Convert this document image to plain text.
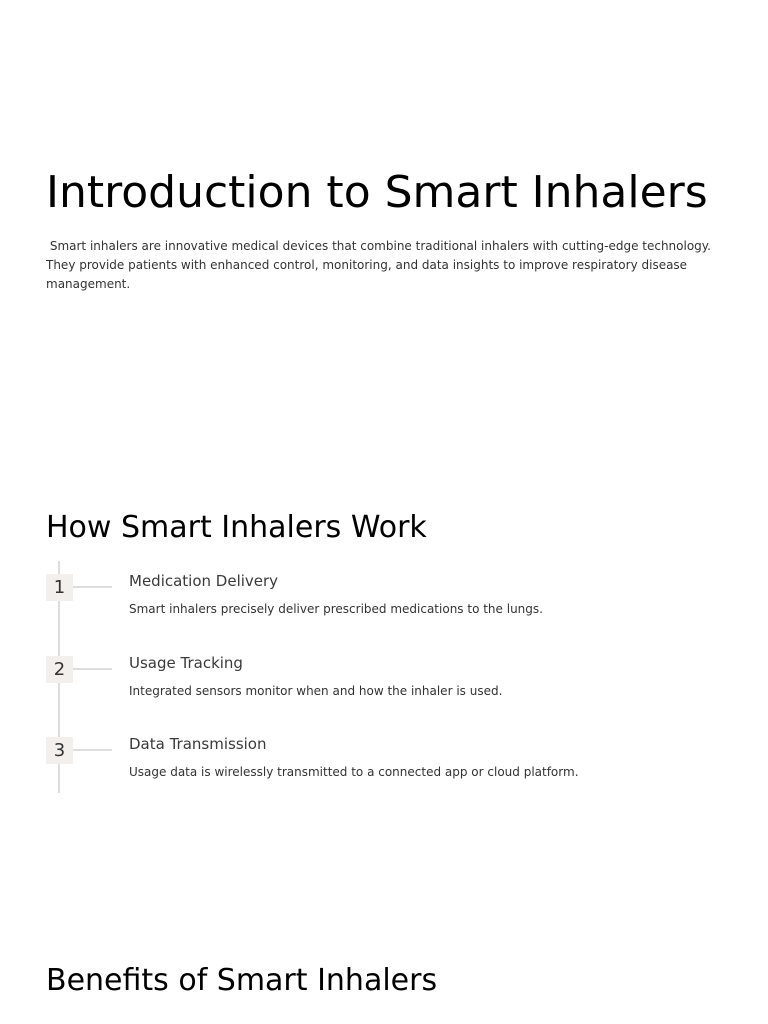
Introduction to Smart Inhalers

Smart inhalers are innovative medical devices that combine traditional inhalers with cutting-edge technology. They provide patients with enhanced control, monitoring, and data insights to improve respiratory disease management.

How Smart Inhalers Work
1	Medication Delivery
Smart inhalers precisely deliver prescribed medications to the lungs.
2	Usage Tracking
Integrated sensors monitor when and how the inhaler is used.
3	Data Transmission
Usage data is wirelessly transmitted to a connected app or cloud platform.
Benefits of Smart Inhalers
